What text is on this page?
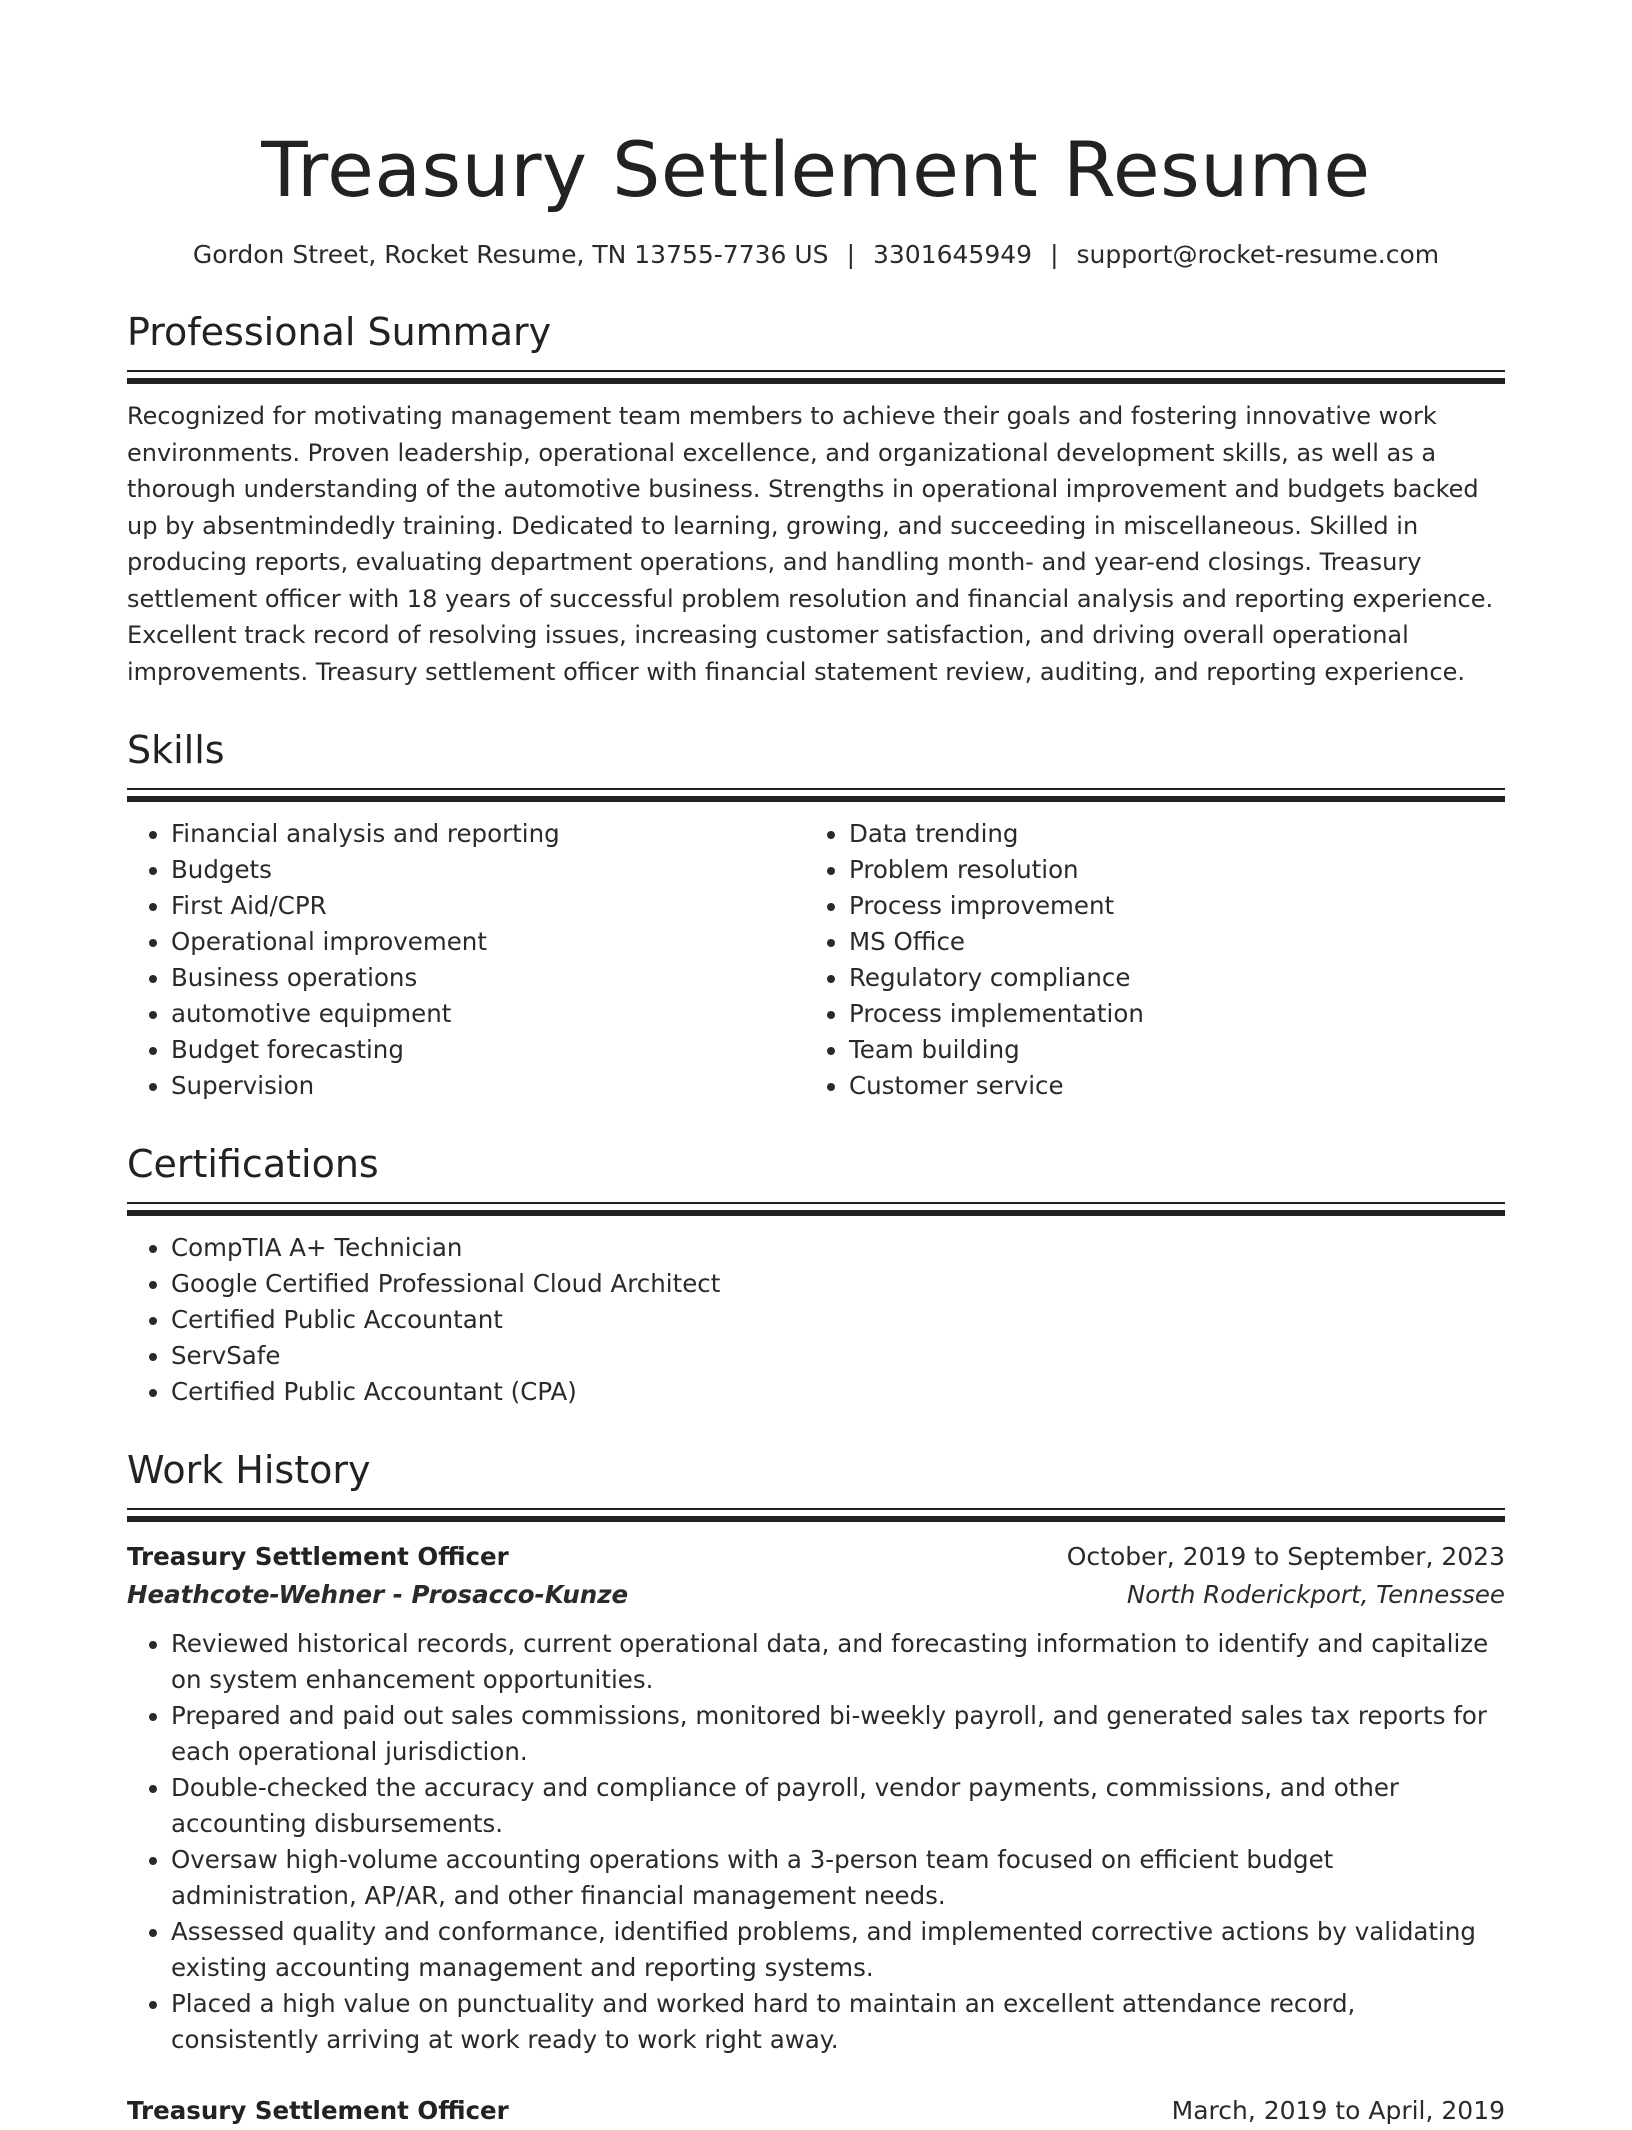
Treasury Settlement Resume
Gordon Street, Rocket Resume, TN 13755-7736 US | 3301645949 | support@rocket-resume.com
Professional Summary
Recognized for motivating management team members to achieve their goals and fostering innovative work environments. Proven leadership, operational excellence, and organizational development skills, as well as a thorough understanding of the automotive business. Strengths in operational improvement and budgets backed up by absentmindedly training. Dedicated to learning, growing, and succeeding in miscellaneous. Skilled in producing reports, evaluating department operations, and handling month- and year-end closings. Treasury settlement officer with 18 years of successful problem resolution and financial analysis and reporting experience. Excellent track record of resolving issues, increasing customer satisfaction, and driving overall operational improvements. Treasury settlement officer with financial statement review, auditing, and reporting experience.
Skills
• Financial analysis and reporting
• Budgets
• First Aid/CPR
• Operational improvement
• Business operations
• automotive equipment
• Budget forecasting
• Supervision
• Data trending
• Problem resolution
• Process improvement
• MS Office
• Regulatory compliance
• Process implementation
• Team building
• Customer service
Certifications
• CompTIA A+ Technician
• Google Certified Professional Cloud Architect
• Certified Public Accountant
• ServSafe
• Certified Public Accountant (CPA)
Work History
Treasury Settlement Officer	October, 2019 to September, 2023
Heathcote-Wehner - Prosacco-Kunze	North Roderickport, Tennessee
• Reviewed historical records, current operational data, and forecasting information to identify and capitalize on system enhancement opportunities.
• Prepared and paid out sales commissions, monitored bi-weekly payroll, and generated sales tax reports for each operational jurisdiction.
• Double-checked the accuracy and compliance of payroll, vendor payments, commissions, and other accounting disbursements.
• Oversaw high-volume accounting operations with a 3-person team focused on efficient budget administration, AP/AR, and other financial management needs.
• Assessed quality and conformance, identified problems, and implemented corrective actions by validating existing accounting management and reporting systems.
• Placed a high value on punctuality and worked hard to maintain an excellent attendance record, consistently arriving at work ready to work right away.
Treasury Settlement Officer	March, 2019 to April, 2019
